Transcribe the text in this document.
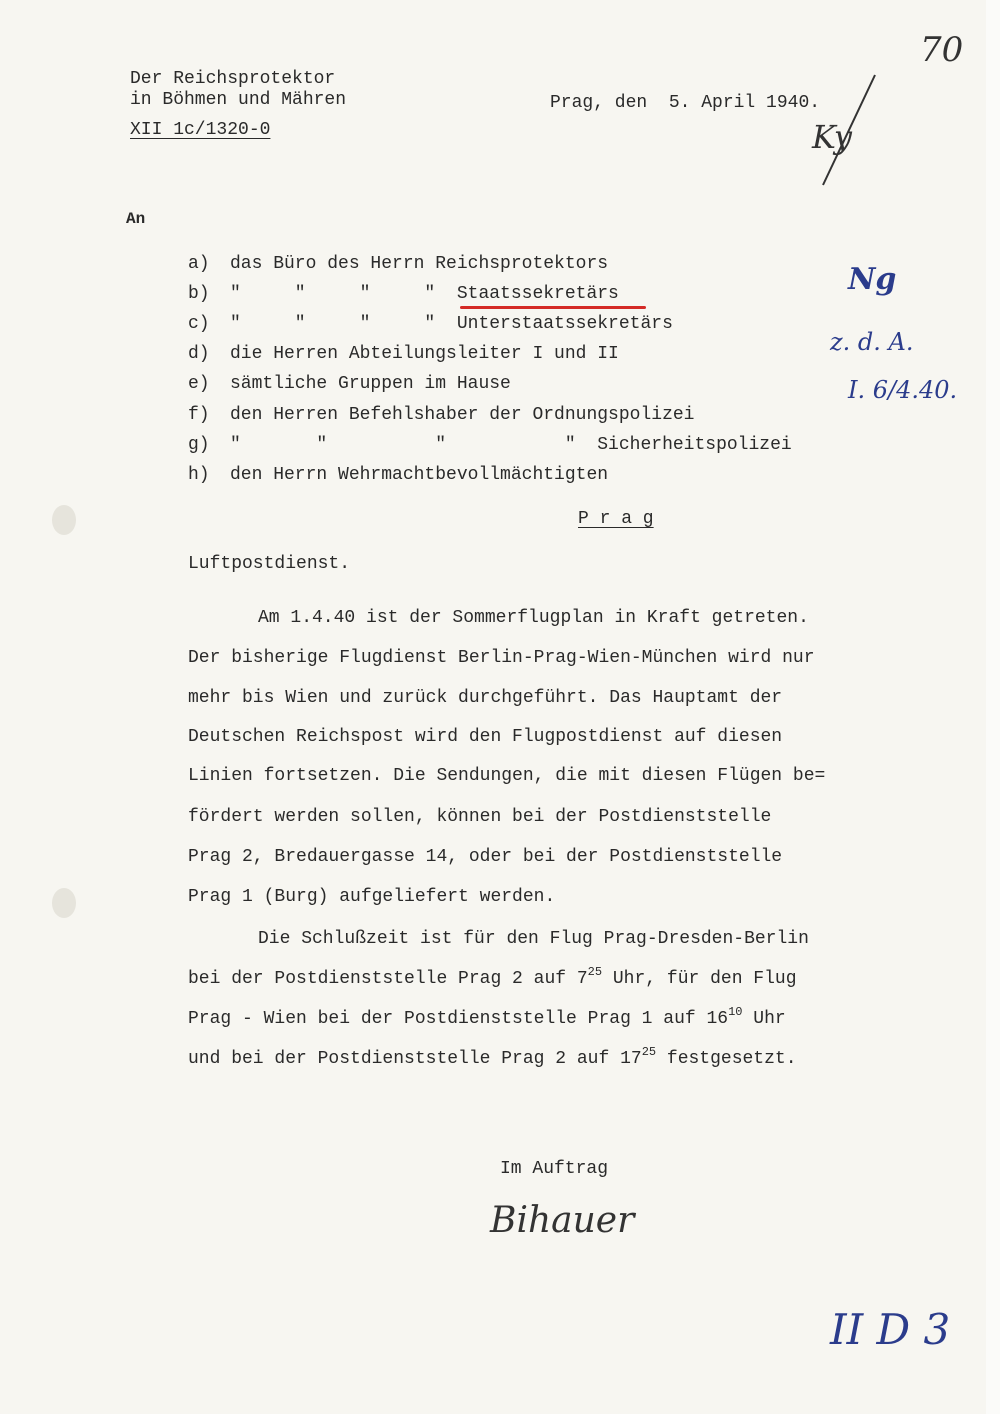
Der Reichsprotektor
in Böhmen und Mähren
XII 1c/1320-0
Prag, den  5. April 1940.
An
a) das Büro des Herrn Reichsprotektors
b) "     "     "     "  Staatssekretärs
c) "     "     "     "  Unterstaatssekretärs
d) die Herren Abteilungsleiter I und II
e) sämtliche Gruppen im Hause
f) den Herren Befehlshaber der Ordnungspolizei
g) "       "          "           "  Sicherheitspolizei
h) den Herrn Wehrmachtbevollmächtigten
P r a g
Luftpostdienst.
Am 1.4.40 ist der Sommerflugplan in Kraft getreten.
Der bisherige Flugdienst Berlin-Prag-Wien-München wird nur
mehr bis Wien und zurück durchgeführt. Das Hauptamt der
Deutschen Reichspost wird den Flugpostdienst auf diesen
Linien fortsetzen. Die Sendungen, die mit diesen Flügen be=
fördert werden sollen, können bei der Postdienststelle
Prag 2, Bredauergasse 14, oder bei der Postdienststelle
Prag 1 (Burg) aufgeliefert werden.
Die Schlußzeit ist für den Flug Prag-Dresden-Berlin
bei der Postdienststelle Prag 2 auf $7^{25}$ Uhr, für den Flug
Prag - Wien bei der Postdienststelle Prag 1 auf $16^{10}$ Uhr
und bei der Postdienststelle Prag 2 auf $17^{25}$ festgesetzt.
Im Auftrag
Bihauer
70
Ky
Ng
z. d. A.
I. 6/4.40.
II D 3
